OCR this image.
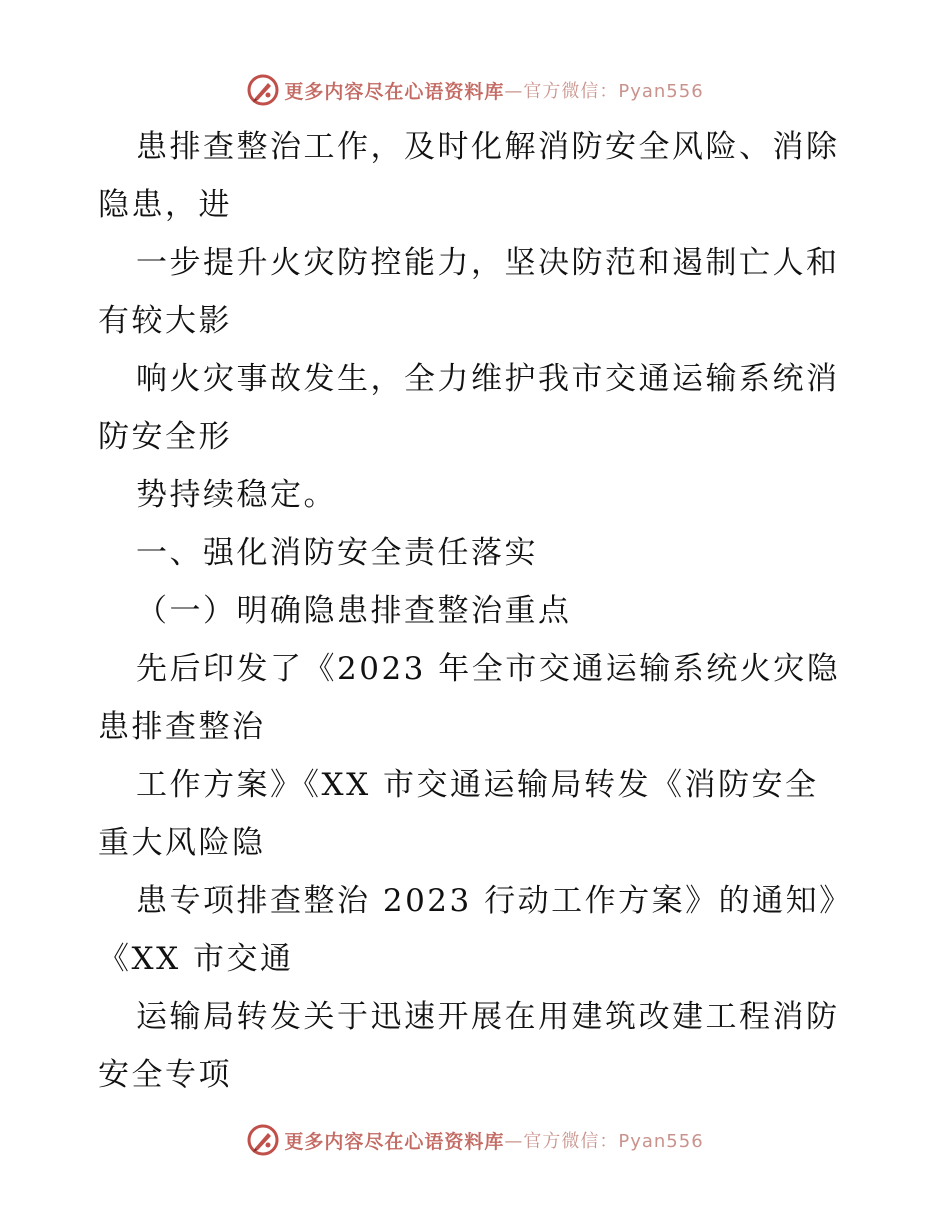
更多内容尽在心语资料库 —官方微信：Pyan556
患排查整治工作，及时化解消防安全风险、消除
隐患，进
一步提升火灾防控能力，坚决防范和遏制亡人和
有较大影
响火灾事故发生，全力维护我市交通运输系统消
防安全形
势持续稳定。
一、强化消防安全责任落实
（一）明确隐患排查整治重点
先后印发了《2023 年全市交通运输系统火灾隐
患排查整治
工作方案》《XX 市交通运输局转发《消防安全
重大风险隐
患专项排查整治 2023 行动工作方案》的通知》
《XX 市交通
运输局转发关于迅速开展在用建筑改建工程消防
安全专项
更多内容尽在心语资料库 —官方微信：Pyan556
